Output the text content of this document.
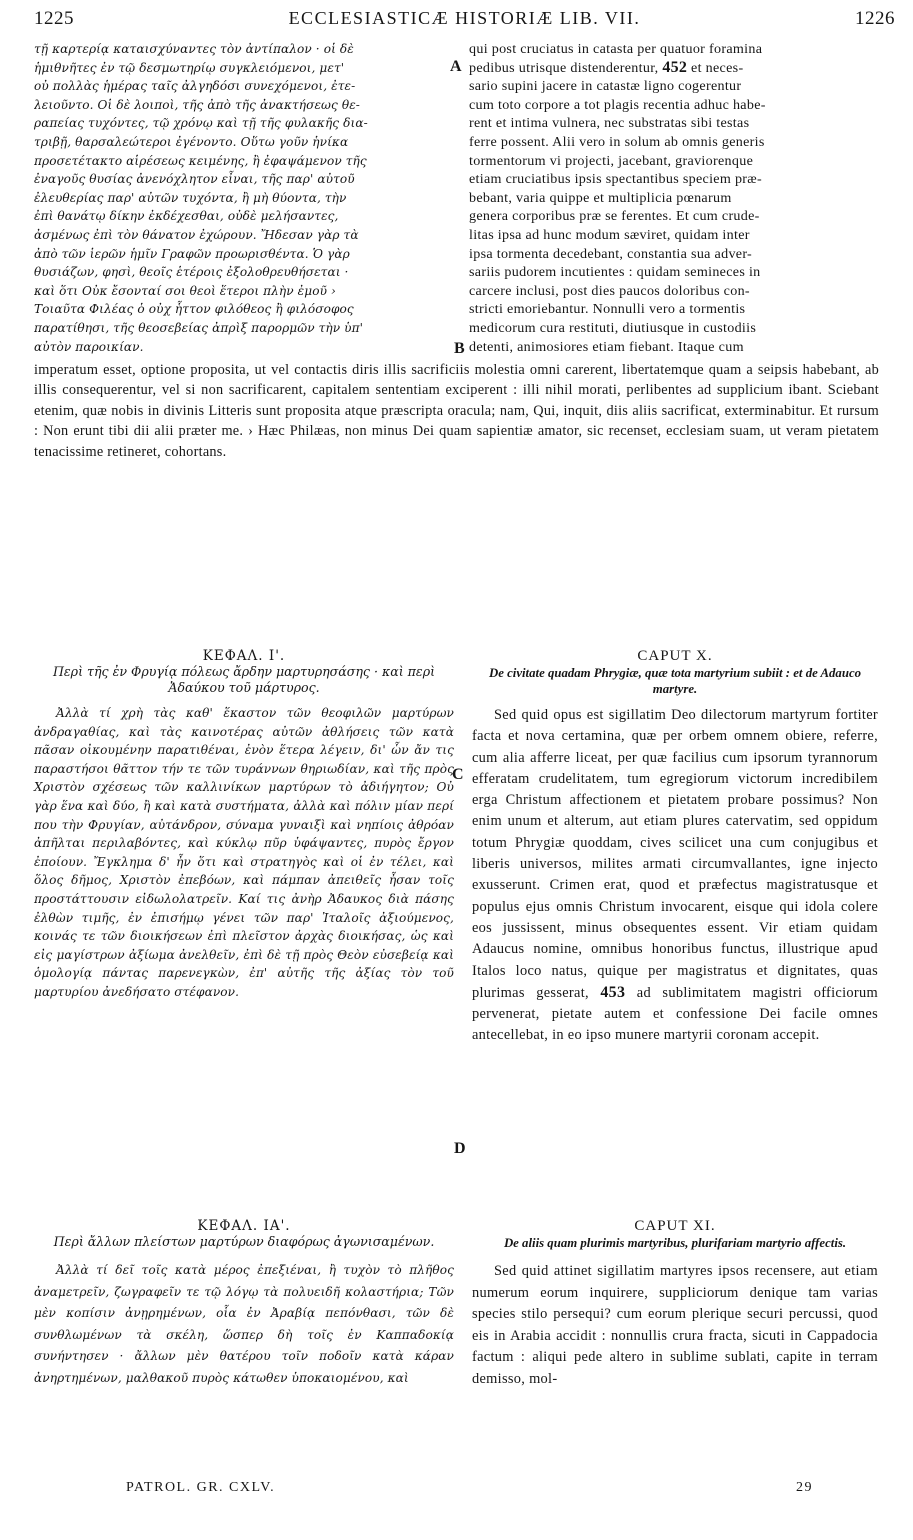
1225	ECCLESIASTICÆ HISTORIÆ LIB. VII.	1226

τῇ καρτερίᾳ καταισχύναντες τὸν ἀντίπαλον · οἱ δὲ

ἡμιθνῆτες ἐν τῷ δεσμωτηρίῳ συγκλειόμενοι, μετ'

οὐ πολλὰς ἡμέρας ταῖς ἀλγηδόσι συνεχόμενοι, ἐτε-

λειοῦντο. Οἱ δὲ λοιποὶ, τῆς ἀπὸ τῆς ἀνακτήσεως θε-

ραπείας τυχόντες, τῷ χρόνῳ καὶ τῇ τῆς φυλακῆς δια-

τριβῇ, θαρσαλεώτεροι ἐγένοντο. Οὕτω γοῦν ἡνίκα

προσετέτακτο αἱρέσεως κειμένης, ἢ ἐφαψάμενον τῆς

ἐναγοῦς θυσίας ἀνενόχλητον εἶναι, τῆς παρ' αὐτοῦ

ἐλευθερίας παρ' αὐτῶν τυχόντα, ἢ μὴ θύοντα, τὴν

ἐπὶ θανάτῳ δίκην ἐκδέχεσθαι, οὐδὲ μελήσαντες,

ἀσμένως ἐπὶ τὸν θάνατον ἐχώρουν. Ἤδεσαν γὰρ τὰ

ἀπὸ τῶν ἱερῶν ἡμῖν Γραφῶν προωρισθέντα. Ὁ γὰρ

θυσιάζων, φησὶ, θεοῖς ἑτέροις ἐξολοθρευθήσεται ·

καὶ ὅτι Οὐκ ἔσονταί σοι θεοὶ ἕτεροι πλὴν ἐμοῦ ›

Τοιαῦτα Φιλέας ὁ οὐχ ἧττον φιλόθεος ἢ φιλόσοφος

παρατίθησι, τῆς θεοσεβείας ἀπρὶξ παρορμῶν τὴν ὑπ'

αὐτὸν παροικίαν.

A
B

qui post cruciatus in catasta per quatuor foramina

pedibus utrisque distenderentur, 452 et neces-

sario supini jacere in catastæ ligno cogerentur

cum toto corpore a tot plagis recentia adhuc habe-

rent et intima vulnera, nec substratas sibi testas

ferre possent. Alii vero in solum ab omnis generis

tormentorum vi projecti, jacebant, graviorenque

etiam cruciatibus ipsis spectantibus speciem præ-

bebant, varia quippe et multiplicia pœnarum

genera corporibus præ se ferentes. Et cum crude-

litas ipsa ad hunc modum sæviret, quidam inter

ipsa tormenta decedebant, constantia sua adver-

sariis pudorem incutientes : quidam semineces in

carcere inclusi, post dies paucos doloribus con-

stricti emoriebantur. Nonnulli vero a tormentis

medicorum cura restituti, diutiusque in custodiis

detenti, animosiores etiam fiebant. Itaque cum

imperatum esset, optione proposita, ut vel contactis diris illis sacrificiis molestia omni carerent, libertatemque quam a seipsis habebant, ab illis consequerentur, vel si non sacrificarent, capitalem sententiam exciperent : illi nihil morati, perlibentes ad supplicium ibant. Sciebant etenim, quæ nobis in divinis Litteris sunt proposita atque præscripta oracula; nam, Qui, inquit, diis aliis sacrificat, exterminabitur. Et rursum : Non erunt tibi dii alii præter me. › Hæc Philæas, non minus Dei quam sapientiæ amator, sic recenset, ecclesiam suam, ut veram pietatem tenacissime retineret, cohortans.

ΚΕΦΑΛ. Ι'.

Περὶ τῆς ἐν Φρυγίᾳ πόλεως ἄρδην μαρτυρησάσης · καὶ περὶ Ἀδαύκου τοῦ μάρτυρος.

Ἀλλὰ τί χρὴ τὰς καθ' ἕκαστον τῶν θεοφιλῶν μαρτύρων ἀνδραγαθίας, καὶ τὰς καινοτέρας αὐτῶν ἀθλήσεις τῶν κατὰ πᾶσαν οἰκουμένην παρατιθέναι, ἐνὸν ἕτερα λέγειν, δι' ὧν ἄν τις παραστήσοι θᾶττον τήν τε τῶν τυράννων θηριωδίαν, καὶ τῆς πρὸς Χριστὸν σχέσεως τῶν καλλινίκων μαρτύρων τὸ ἀδιήγητον; Οὐ γὰρ ἕνα καὶ δύο, ἢ καὶ κατὰ συστήματα, ἀλλὰ καὶ πόλιν μίαν περί που τὴν Φρυγίαν, αὐτάνδρον, σύναμα γυναιξὶ καὶ νηπίοις ἀθρόαν ἀπῆλται περιλαβόντες, καὶ κύκλῳ πῦρ ὑφάψαντες, πυρὸς ἔργον ἐποίουν. Ἔγκλημα δ' ἦν ὅτι καὶ στρατηγὸς καὶ οἱ ἐν τέλει, καὶ ὅλος δῆμος, Χριστὸν ἐπεβόων, καὶ πάμπαν ἀπειθεῖς ἦσαν τοῖς προστάττουσιν εἰδωλολατρεῖν. Καί τις ἀνὴρ Ἀδαυκος διὰ πάσης ἐλθὼν τιμῆς, ἐν ἐπισήμῳ γένει τῶν παρ' Ἰταλοῖς ἀξιούμενος, κοινάς τε τῶν διοικήσεων ἐπὶ πλεῖστον ἀρχὰς διοικήσας, ὡς καὶ εἰς μαγίστρων ἀξίωμα ἀνελθεῖν, ἐπὶ δὲ τῇ πρὸς Θεὸν εὐσεβείᾳ καὶ ὁμολογίᾳ πάντας παρενεγκὼν, ἐπ' αὐτῆς τῆς ἀξίας τὸν τοῦ μαρτυρίου ἀνεδήσατο στέφανον.

C
D

CAPUT X.

De civitate quadam Phrygiæ, quæ tota martyrium subiit : et de Adauco martyre.

Sed quid opus est sigillatim Deo dilectorum martyrum fortiter facta et nova certamina, quæ per orbem omnem obiere, referre, cum alia afferre liceat, per quæ facilius cum ipsorum tyrannorum efferatam crudelitatem, tum egregiorum victorum incredibilem erga Christum affectionem et pietatem probare possimus? Non enim unum et alterum, aut etiam plures catervatim, sed oppidum totum Phrygiæ quoddam, cives scilicet una cum conjugibus et liberis universos, milites armati circumvallantes, igne injecto exusserunt. Crimen erat, quod et præfectus magistratusque et populus ejus omnis Christum invocarent, eisque qui idola colere eos jussissent, minus obsequentes essent. Vir etiam quidam Adaucus nomine, omnibus honoribus functus, illustrique apud Italos loco natus, quique per magistratus et dignitates, quas plurimas gesserat, 453 ad sublimitatem magistri officiorum pervenerat, pietate autem et confessione Dei facile omnes antecellebat, in eo ipso munere martyrii coronam accepit.

ΚΕΦΑΛ. ΙΑ'.

Περὶ ἄλλων πλείστων μαρτύρων διαφόρως ἀγωνισαμένων.

Ἀλλὰ τί δεῖ τοῖς κατὰ μέρος ἐπεξιέναι, ἢ τυχὸν τὸ πλῆθος ἀναμετρεῖν, ζωγραφεῖν τε τῷ λόγῳ τὰ πολυειδῆ κολαστήρια; Τῶν μὲν κοπίσιν ἀνῃρημένων, οἷα ἐν Ἀραβίᾳ πεπόνθασι, τῶν δὲ συνθλωμένων τὰ σκέλη, ὥσπερ δὴ τοῖς ἐν Καππαδοκίᾳ συνήντησεν · ἄλλων μὲν θατέρου τοῖν ποδοῖν κατὰ κάραν ἀνηρτημένων, μαλθακοῦ πυρὸς κάτωθεν ὑποκαιομένου, καὶ

CAPUT XI.

De aliis quam plurimis martyribus, plurifariam martyrio affectis.

Sed quid attinet sigillatim martyres ipsos recensere, aut etiam numerum eorum inquirere, suppliciorum denique tam varias species stilo persequi? cum eorum plerique securi percussi, quod eis in Arabia accidit : nonnullis crura fracta, sicuti in Cappadocia factum : aliqui pede altero in sublime sublati, capite in terram demisso, mol-

PATROL. GR. CXLV.	29
